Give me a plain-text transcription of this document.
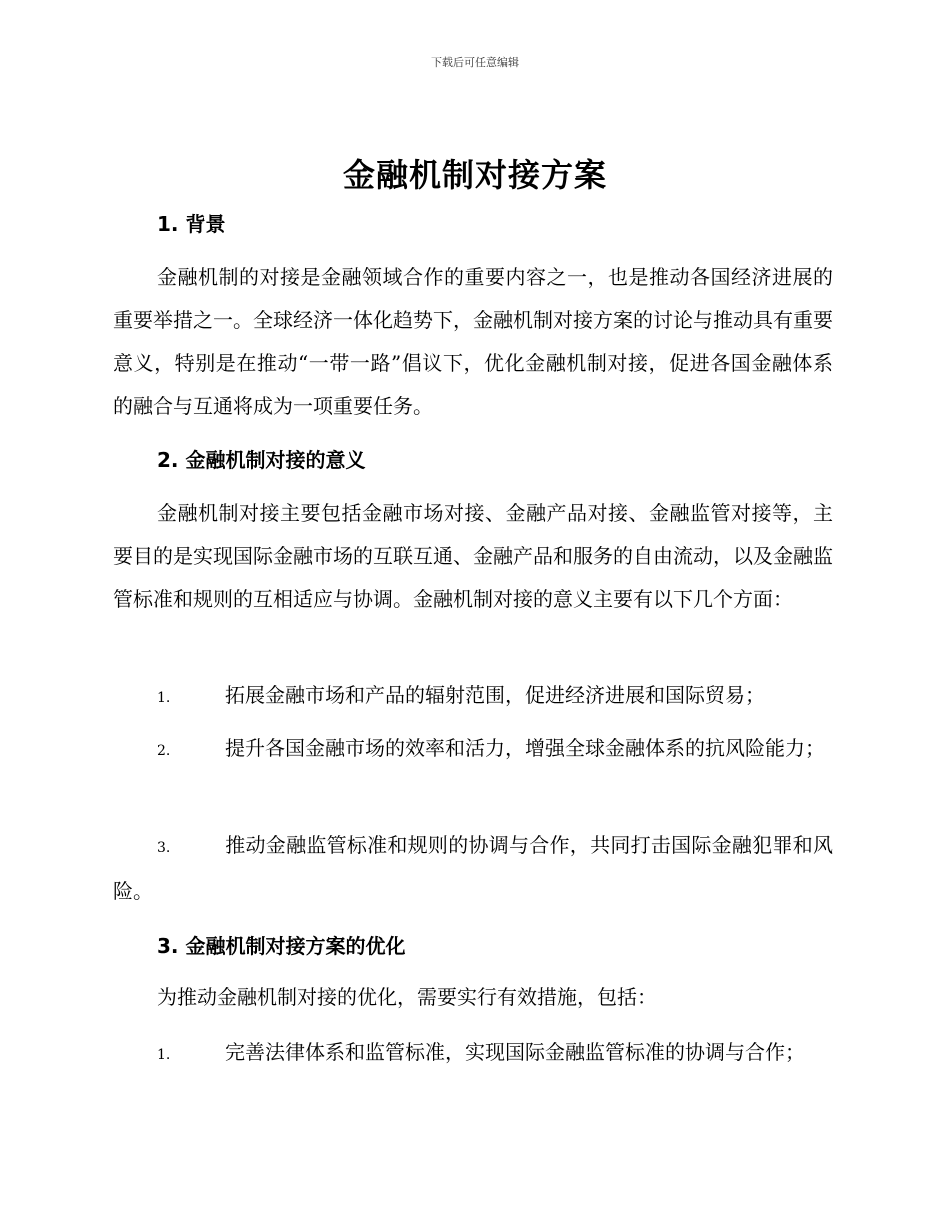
下载后可任意编辑
金融机制对接方案
1. 背景
金融机制的对接是金融领域合作的重要内容之一，也是推动各国经济进展的重要举措之一。全球经济一体化趋势下，金融机制对接方案的讨论与推动具有重要意义，特别是在推动“一带一路”倡议下，优化金融机制对接，促进各国金融体系的融合与互通将成为一项重要任务。
2. 金融机制对接的意义
金融机制对接主要包括金融市场对接、金融产品对接、金融监管对接等，主要目的是实现国际金融市场的互联互通、金融产品和服务的自由流动，以及金融监管标准和规则的互相适应与协调。金融机制对接的意义主要有以下几个方面：
1.	拓展金融市场和产品的辐射范围，促进经济进展和国际贸易；
2.	提升各国金融市场的效率和活力，增强全球金融体系的抗风险能力；
3.	推动金融监管标准和规则的协调与合作，共同打击国际金融犯罪和风险。
3. 金融机制对接方案的优化
为推动金融机制对接的优化，需要实行有效措施，包括：
1.	完善法律体系和监管标准，实现国际金融监管标准的协调与合作；
